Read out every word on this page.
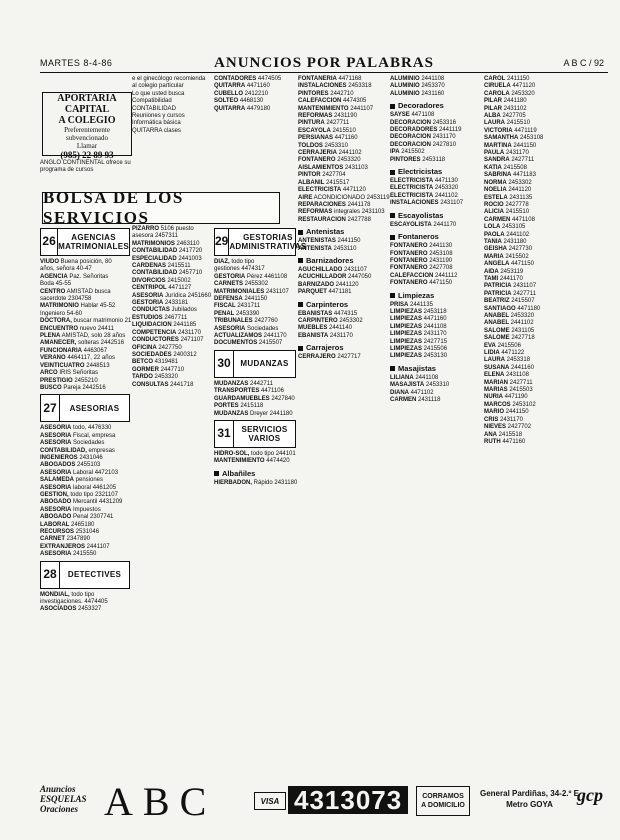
MARTES 8-4-86	ANUNCIOS POR PALABRAS	A B C / 92
APORTARIA
CAPITAL
A COLEGIO
Preferentemente
subvencionado
Llamar
(985) 22 89 93
ANGLO CONTINENTAL ofrece su programa de cursos
BOLSA DE LOS SERVICIOS
26	AGENCIAS MATRIMONIALES
VIUDO Buena posición, 80
años, señora 40-47
AGENCIA Paz. Señoritas
Boda 45-55
CENTRO AMISTAD busca
sacerdote 2304758
MATRIMONIO Hablar 45-52
Ingeniero 54-60
DOCTORA, buscar matrimonio 21
ENCUENTRO nuevo 24411
PLENA AMISTAD, solo 28 años
AMANECER, solteras 2442516
FUNCIONARIA 4463067
VERANO 4464117, 22 años
VEINTICUATRO 2448513
ARCO IRIS Señoritas
PRESTIGIO 2455210
BUSCO Pareja 2442516
27	ASESORIAS
ASESORIA todo, 4476330
ASESORIA Fiscal, empresa
ASESORIA Sociedades
CONTABILIDAD, empresas
INGENIEROS 2431046
ABOGADOS 2455103
ASESORIA Laboral 4472103
SALAMEDA pensiones
ASESORIA laboral 4461205
GESTION, todo tipo 2321107
ABOGADO Mercantil 4431209
ASESORIA Impuestos
ABOGADO Penal 2307741
LABORAL 2465180
RECURSOS 2531046
CARNET 2347890
EXTRANJEROS 2441107
ASESORIA 2415550
28	DETECTIVES
MONDIAL, todo tipo
investigaciones. 4474405
ASOCIADOS 2453327
e el ginecólogo recomienda
al colegio particular
Lo que usted busca
Compatibilidad
CONTABILIDAD
Reuniones y cursos
Informática básica
QUITARRA clases
PIZARRO 5106 puesto
asesora 2457311
MATRIMONIOS 2463110
CONTABILIDAD 2417720
ESPECIALIDAD 2441003
CARDENAS 2415511
CONTABILIDAD 2457710
DIVORCIOS 2415002
CENTRIPOL 4471127
ASESORIA Jurídica 2451660
GESTORIA 2433181
CONDUCTAS Jubilados
ESTUDIOS 2467711
LIQUIDACION 2441185
COMPETENCIA 2431170
CONDUCTORES 2471107
OFICINA 2427750
SOCIEDADES 2400312
BETCO 4319481
GORMER 2447710
TARDO 2453320
CONSULTAS 2441718
CONTADORES 4474505
QUITARRA 4471160
CUBELLO 2412210
SOLTEO 4468130
QUITARRA 4479180
29	GESTORIAS ADMINISTRATIVAS
DIAZ, todo tipo
gestiones 4474317
GESTORIA Pérez 4461108
CARNETS 2455302
MATRIMONIALES 2431107
DEFENSA 2441150
FISCAL 2431711
PENAL 2453390
TRIBUNALES 2427760
ASESORIA Sociedades
ACTUALIZAMOS 2441170
DOCUMENTOS 2415507
30	MUDANZAS
MUDANZAS 2442711
TRANSPORTES 4471106
GUARDAMUEBLES 2427840
PORTES 2415118
MUDANZAS Dreyer 2441180
31	SERVICIOS VARIOS
HIDRO-SOL, todo tipo 244101
MANTENIMIENTO 4474420
Albañiles
HIERBADON, Rápido 2431180
FONTANERIA 4471168
INSTALACIONES 2453318
PINTORES 2442710
CALEFACCION 4474305
MANTENIMIENTO 2441107
REFORMAS 2431190
PINTURA 2427711
ESCAYOLA 2415510
PERSIANAS 4471160
TOLDOS 2453310
CERRAJERIA 2441102
FONTANERO 2453320
AISLAMIENTOS 2431103
PINTOR 2427704
ALBANIL 2415517
ELECTRICISTA 4471120
AIRE ACONDICIONADO 2453119
REPARACIONES 2441178
REFORMAS integrales 2431103
RESTAURACION 2427788
Antenistas
ANTENISTAS 2441150
ANTENISTA 2453110
Barnizadores
AGUCHILLADO 2431107
ACUCHILLADOR 2447050
BARNIZADO 2441120
PARQUET 4471181
Carpinteros
EBANISTAS 4474315
CARPINTERO 2453302
MUEBLES 2441140
EBANISTA 2431170
Carrajeros
CERRAJERO 2427717
ALUMINIO 2441108
ALUMINIO 2453370
ALUMINIO 2431160
Decoradores
SAYSE 4471108
DECORACION 2453316
DECORADORES 2441119
DECORACION 2431170
DECORACION 2427810
IPA 2415502
PINTORES 2453118
Electricistas
ELECTRICISTA 4471130
ELECTRICISTA 2453320
ELECTRICISTA 2441102
INSTALACIONES 2431107
Escayolistas
ESCAYOLISTA 2441170
Fontaneros
FONTANERO 2441130
FONTANERO 2453108
FONTANERO 2431190
FONTANERO 2427708
CALEFACCION 2441112
FONTANERO 4471150
Limpiezas
PRISA 2441135
LIMPIEZAS 2453118
LIMPIEZAS 4471160
LIMPIEZAS 2441108
LIMPIEZAS 2431170
LIMPIEZAS 2427715
LIMPIEZAS 2415506
LIMPIEZAS 2453130
Masajistas
LILIANA 2441108
MASAJISTA 2453310
DIANA 4471102
CARMEN 2431118
CAROL 2411150
CIRUELA 4471120
CAROLA 2453320
PILAR 2441180
PILAR 2431102
ALBA 2427705
LAURA 2415510
VICTORIA 4471119
SAMANTHA 2453108
MARTINA 2441150
PAULA 2431170
SANDRA 2427711
KATIA 2415508
SABRINA 4471183
NORMA 2453302
NOELIA 2441120
ESTELA 2431135
ROCIO 2427778
ALICIA 2415510
CARMEN 4471108
LOLA 2453105
PAOLA 2441102
TANIA 2431180
GEISHA 2427730
MARIA 2415502
ANGELA 4471150
AIDA 2453119
TAMI 2441170
PATRICIA 2431107
PATRICIA 2427711
BEATRIZ 2415507
SANTIAGO 4471180
ANABEL 2453320
ANABEL 2441102
SALOME 2431105
SALOME 2427718
EVA 2415506
LIDIA 4471122
LAURA 2453318
SUSANA 2441160
ELENA 2431108
MARIAN 2427711
MARIAS 2415503
NURIA 4471190
MARCOS 2453102
MARIO 2441150
CRIS 2431170
NIEVES 2427702
ANA 2415518
RUTH 4471160
Anuncios
ESQUELAS
Oraciones ABC	VISA 4313073	CORRAMOS
A DOMICILIO
General Pardiñas, 34-2.º E
Metro GOYA	gcp
